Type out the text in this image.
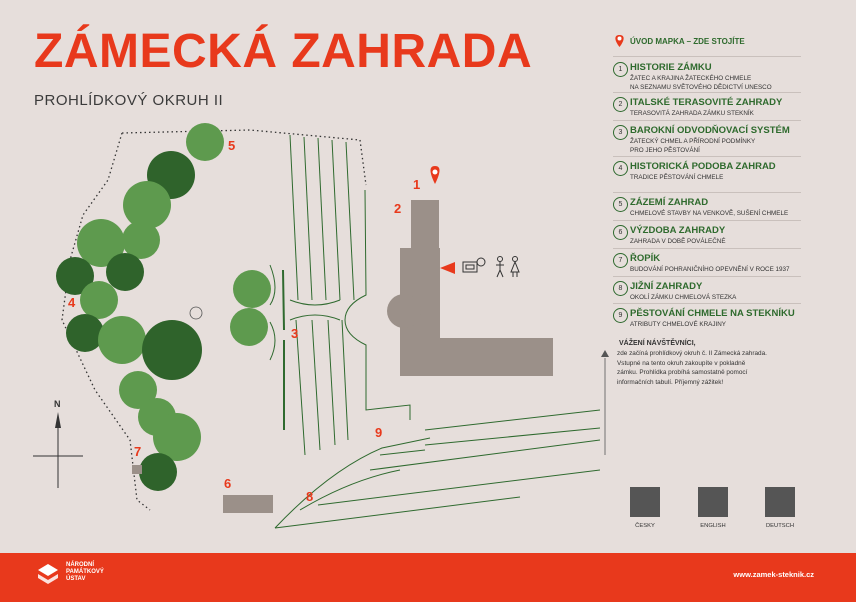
ZÁMECKÁ ZAHRADA
PROHLÍDKOVÝ OKRUH II
N
1
2
3
4
5
6
7
8
9
ÚVOD MAPKA – ZDE STOJÍTE
1 HISTORIE ZÁMKU
ŽATEC A KRAJINA ŽATECKÉHO CHMELE
NA SEZNAMU SVĚTOVÉHO DĚDICTVÍ UNESCO
2 ITALSKÉ TERASOVITÉ ZAHRADY
TERASOVITÁ ZAHRADA ZÁMKU STEKNÍK
3 BAROKNÍ ODVODŇOVACÍ SYSTÉM
ŽATECKÝ CHMEL A PŘÍRODNÍ PODMÍNKY
PRO JEHO PĚSTOVÁNÍ
4 HISTORICKÁ PODOBA ZAHRAD
TRADICE PĚSTOVÁNÍ CHMELE
5 ZÁZEMÍ ZAHRAD
CHMELOVÉ STAVBY NA VENKOVĚ, SUŠENÍ CHMELE
6 VÝZDOBA ZAHRADY
ZAHRADA V DOBĚ POVÁLEČNÉ
7 ŘOPÍK
BUDOVÁNÍ POHRANIČNÍHO OPEVNĚNÍ V ROCE 1937
8 JIŽNÍ ZAHRADY
OKOLÍ ZÁMKU CHMELOVÁ STEZKA
9 PĚSTOVÁNÍ CHMELE NA STEKNÍKU
ATRIBUTY CHMELOVÉ KRAJINY
VÁŽENÍ NÁVŠTĚVNÍCI,
zde začíná prohlídkový okruh č. II Zámecká zahrada.
Vstupné na tento okruh zakoupíte v pokladně
zámku. Prohlídka probíhá samostatně pomocí
informačních tabulí. Příjemný zážitek!
ČESKY	ENGLISH	DEUTSCH
NÁRODNÍ
PAMÁTKOVÝ
ÚSTAV	www.zamek-steknik.cz
